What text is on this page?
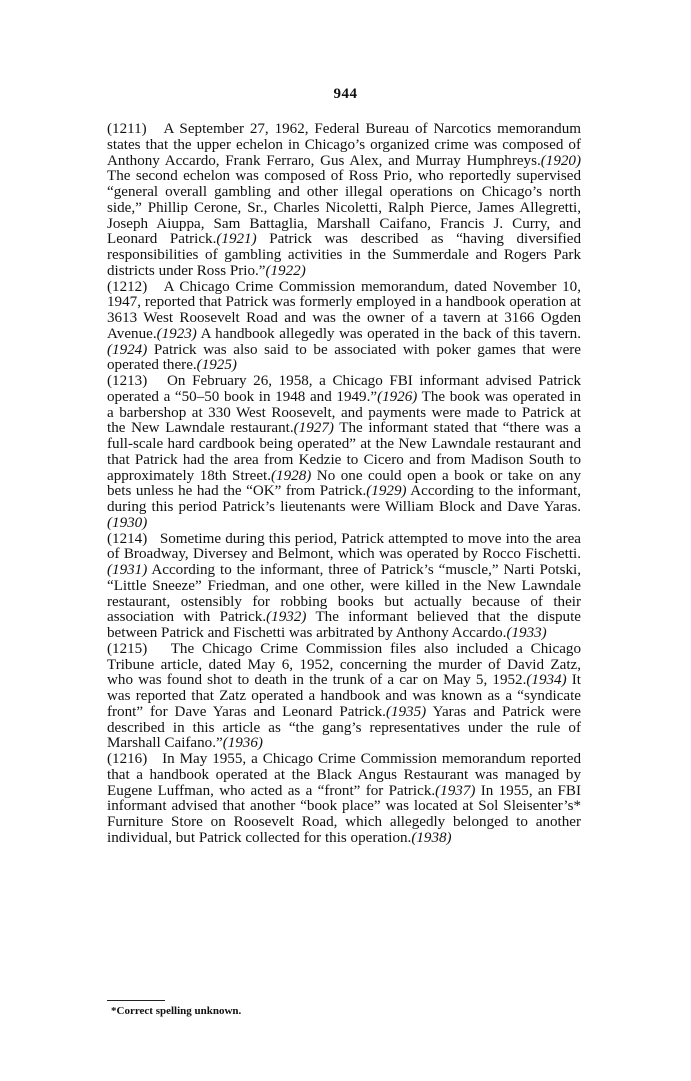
944

(1211) A September 27, 1962, Federal Bureau of Narcotics memorandum states that the upper echelon in Chicago’s organized crime was composed of Anthony Accardo, Frank Ferraro, Gus Alex, and Murray Humphreys.(1920) The second echelon was composed of Ross Prio, who reportedly supervised “general overall gambling and other illegal operations on Chicago’s north side,” Phillip Cerone, Sr., Charles Nicoletti, Ralph Pierce, James Allegretti, Joseph Aiuppa, Sam Battaglia, Marshall Caifano, Francis J. Curry, and Leonard Patrick.(1921) Patrick was described as “having diversified responsibilities of gambling activities in the Summerdale and Rogers Park districts under Ross Prio.”(1922)

(1212) A Chicago Crime Commission memorandum, dated November 10, 1947, reported that Patrick was formerly employed in a handbook operation at 3613 West Roosevelt Road and was the owner of a tavern at 3166 Ogden Avenue.(1923) A handbook allegedly was operated in the back of this tavern.(1924) Patrick was also said to be associated with poker games that were operated there.(1925)

(1213) On February 26, 1958, a Chicago FBI informant advised Patrick operated a “50–50 book in 1948 and 1949.”(1926) The book was operated in a barbershop at 330 West Roosevelt, and payments were made to Patrick at the New Lawndale restaurant.(1927) The informant stated that “there was a full-scale hard cardbook being operated” at the New Lawndale restaurant and that Patrick had the area from Kedzie to Cicero and from Madison South to approximately 18th Street.(1928) No one could open a book or take on any bets unless he had the “OK” from Patrick.(1929) According to the informant, during this period Patrick’s lieutenants were William Block and Dave Yaras.(1930)

(1214) Sometime during this period, Patrick attempted to move into the area of Broadway, Diversey and Belmont, which was operated by Rocco Fischetti.(1931) According to the informant, three of Patrick’s “muscle,” Narti Potski, “Little Sneeze” Friedman, and one other, were killed in the New Lawndale restaurant, ostensibly for robbing books but actually because of their association with Patrick.(1932) The informant believed that the dispute between Patrick and Fischetti was arbitrated by Anthony Accardo.(1933)

(1215) The Chicago Crime Commission files also included a Chicago Tribune article, dated May 6, 1952, concerning the murder of David Zatz, who was found shot to death in the trunk of a car on May 5, 1952.(1934) It was reported that Zatz operated a handbook and was known as a “syndicate front” for Dave Yaras and Leonard Patrick.(1935) Yaras and Patrick were described in this article as “the gang’s representatives under the rule of Marshall Caifano.”(1936)

(1216) In May 1955, a Chicago Crime Commission memorandum reported that a handbook operated at the Black Angus Restaurant was managed by Eugene Luffman, who acted as a “front” for Patrick.(1937) In 1955, an FBI informant advised that another “book place” was located at Sol Sleisenter’s* Furniture Store on Roosevelt Road, which allegedly belonged to another individual, but Patrick collected for this operation.(1938)

*Correct spelling unknown.
